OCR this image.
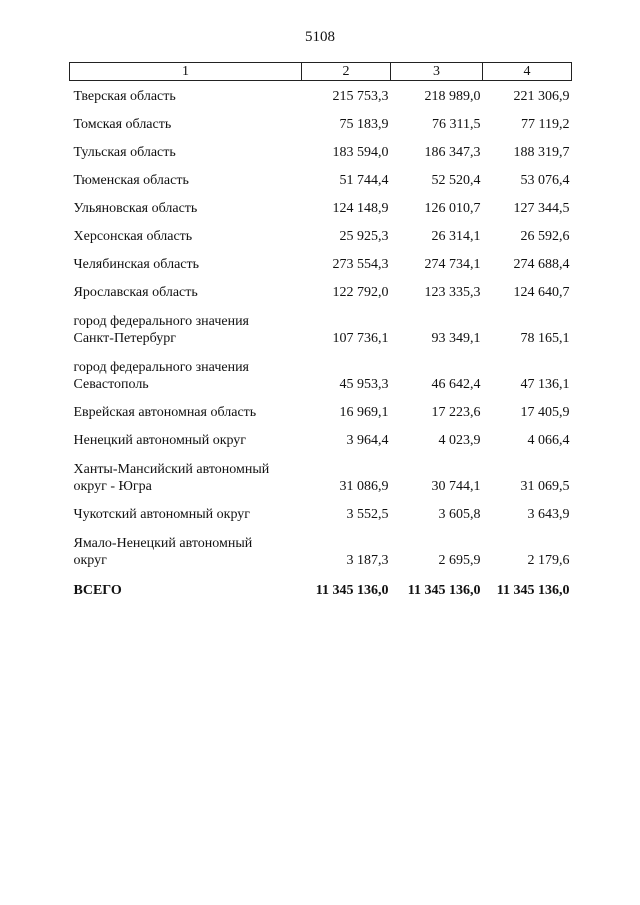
5108
1	2	3	4
Тверская область	215 753,3	218 989,0	221 306,9
Томская область	75 183,9	76 311,5	77 119,2
Тульская область	183 594,0	186 347,3	188 319,7
Тюменская область	51 744,4	52 520,4	53 076,4
Ульяновская область	124 148,9	126 010,7	127 344,5
Херсонская область	25 925,3	26 314,1	26 592,6
Челябинская область	273 554,3	274 734,1	274 688,4
Ярославская область	122 792,0	123 335,3	124 640,7
город федерального значения
Санкт-Петербург	107 736,1	93 349,1	78 165,1
город федерального значения
Севастополь	45 953,3	46 642,4	47 136,1
Еврейская автономная область	16 969,1	17 223,6	17 405,9
Ненецкий автономный округ	3 964,4	4 023,9	4 066,4
Ханты-Мансийский автономный
округ - Югра	31 086,9	30 744,1	31 069,5
Чукотский автономный округ	3 552,5	3 605,8	3 643,9
Ямало-Ненецкий автономный
округ	3 187,3	2 695,9	2 179,6
ВСЕГО	11 345 136,0	11 345 136,0	11 345 136,0
